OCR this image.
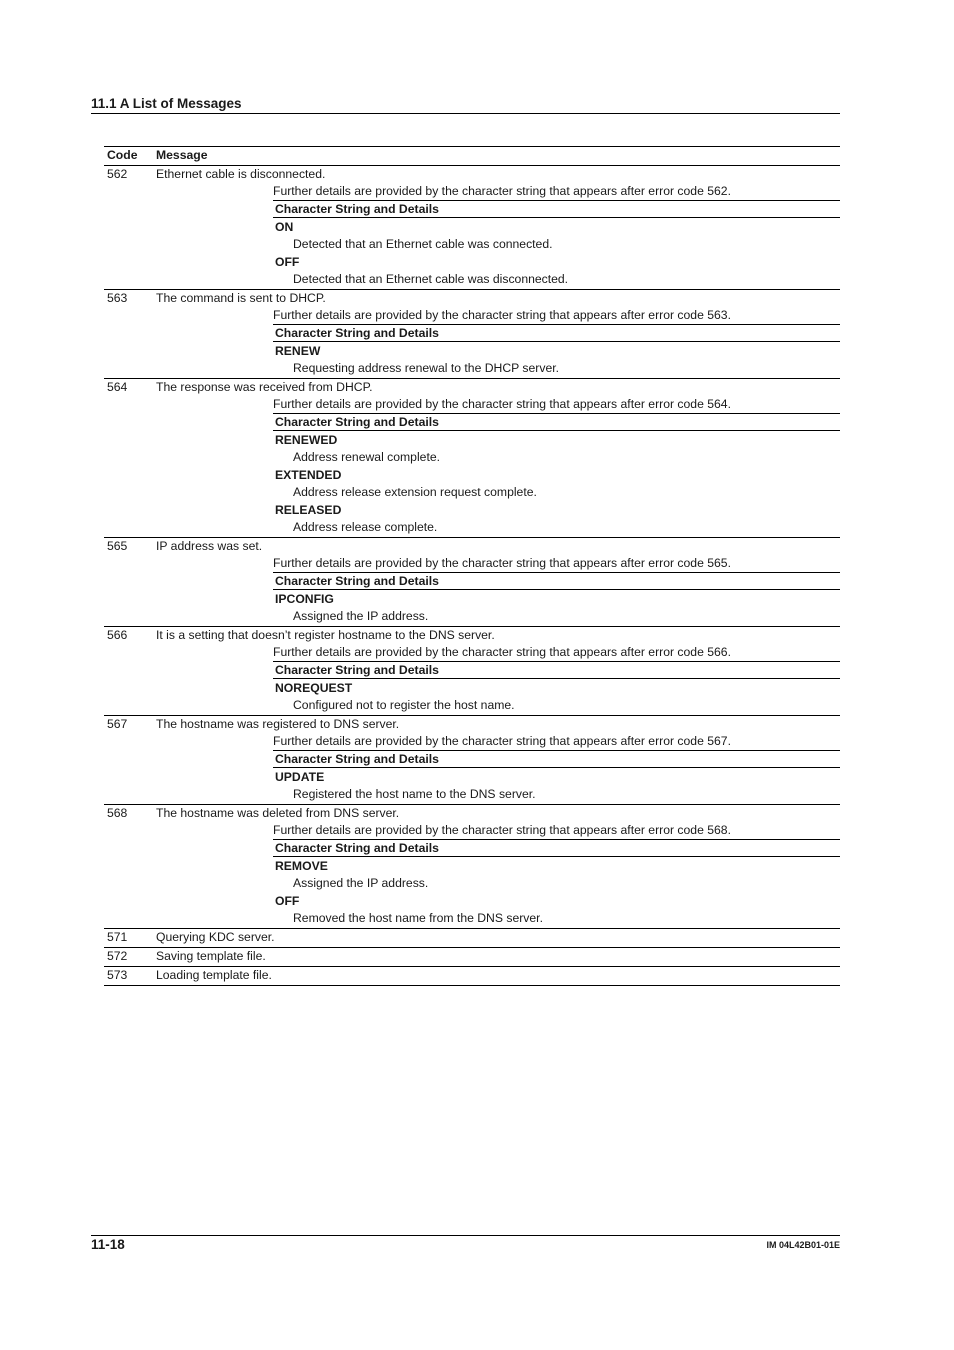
11.1 A List of Messages
Code	Message
562	Ethernet cable is disconnected.
Further details are provided by the character string that appears after error code 562.
Character String and Details
ON
Detected that an Ethernet cable was connected.
OFF
Detected that an Ethernet cable was disconnected.
563	The command is sent to DHCP.
Further details are provided by the character string that appears after error code 563.
Character String and Details
RENEW
Requesting address renewal to the DHCP server.
564	The response was received from DHCP.
Further details are provided by the character string that appears after error code 564.
Character String and Details
RENEWED
Address renewal complete.
EXTENDED
Address release extension request complete.
RELEASED
Address release complete.
565	IP address was set.
Further details are provided by the character string that appears after error code 565.
Character String and Details
IPCONFIG
Assigned the IP address.
566	It is a setting that doesn’t register hostname to the DNS server.
Further details are provided by the character string that appears after error code 566.
Character String and Details
NOREQUEST
Configured not to register the host name.
567	The hostname was registered to DNS server.
Further details are provided by the character string that appears after error code 567.
Character String and Details
UPDATE
Registered the host name to the DNS server.
568	The hostname was deleted from DNS server.
Further details are provided by the character string that appears after error code 568.
Character String and Details
REMOVE
Assigned the IP address.
OFF
Removed the host name from the DNS server.
571	Querying KDC server.
572	Saving template file.
573	Loading template file.
11-18	IM 04L42B01-01E
